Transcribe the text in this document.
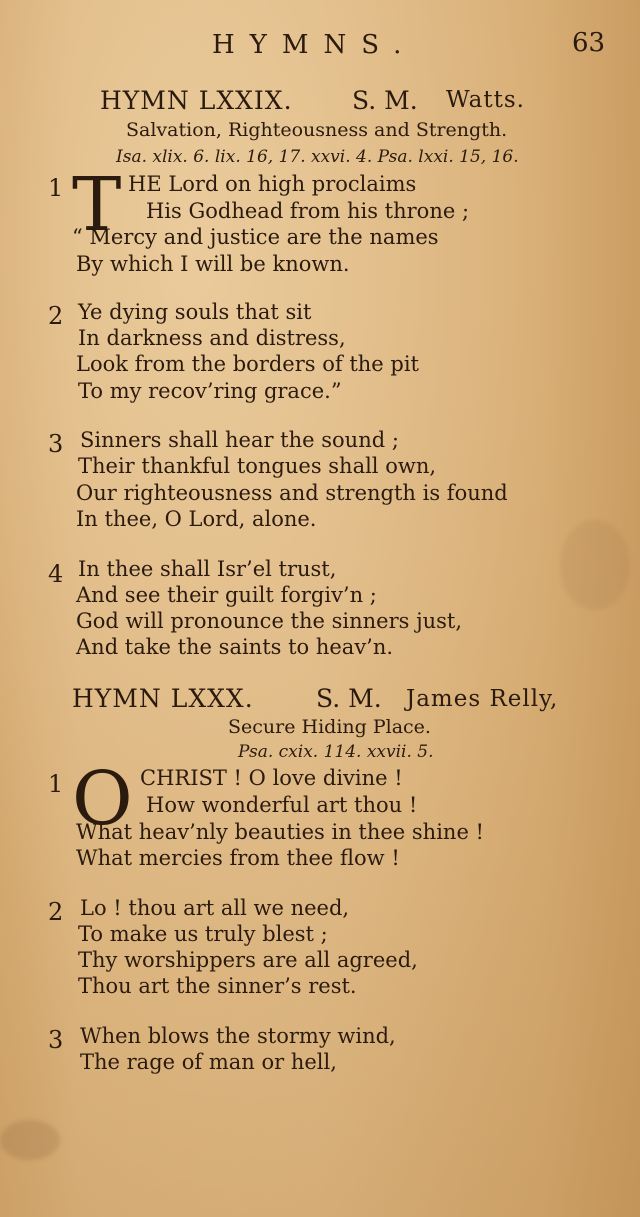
HYMNS.	63
HYMN LXXIX. S. M. Watts.
Salvation, Righteousness and Strength.
Isa. xlix. 6. lix. 16, 17. xxvi. 4. Psa. lxxi. 15, 16.
1 T HE Lord on high proclaims
His Godhead from his throne ;
“ Mercy and justice are the names
By which I will be known.
2 Ye dying souls that sit
In darkness and distress,
Look from the borders of the pit
To my recov’ring grace.”
3 Sinners shall hear the sound ;
Their thankful tongues shall own,
Our righteousness and strength is found
In thee, O Lord, alone.
4 In thee shall Isr’el trust,
And see their guilt forgiv’n ;
God will pronounce the sinners just,
And take the saints to heav’n.
HYMN LXXX. S. M. James Relly,
Secure Hiding Place.
Psa. cxix. 114. xxvii. 5.
1 O CHRIST ! O love divine !
How wonderful art thou !
What heav’nly beauties in thee shine !
What mercies from thee flow !
2 Lo ! thou art all we need,
To make us truly blest ;
Thy worshippers are all agreed,
Thou art the sinner’s rest.
3 When blows the stormy wind,
The rage of man or hell,
